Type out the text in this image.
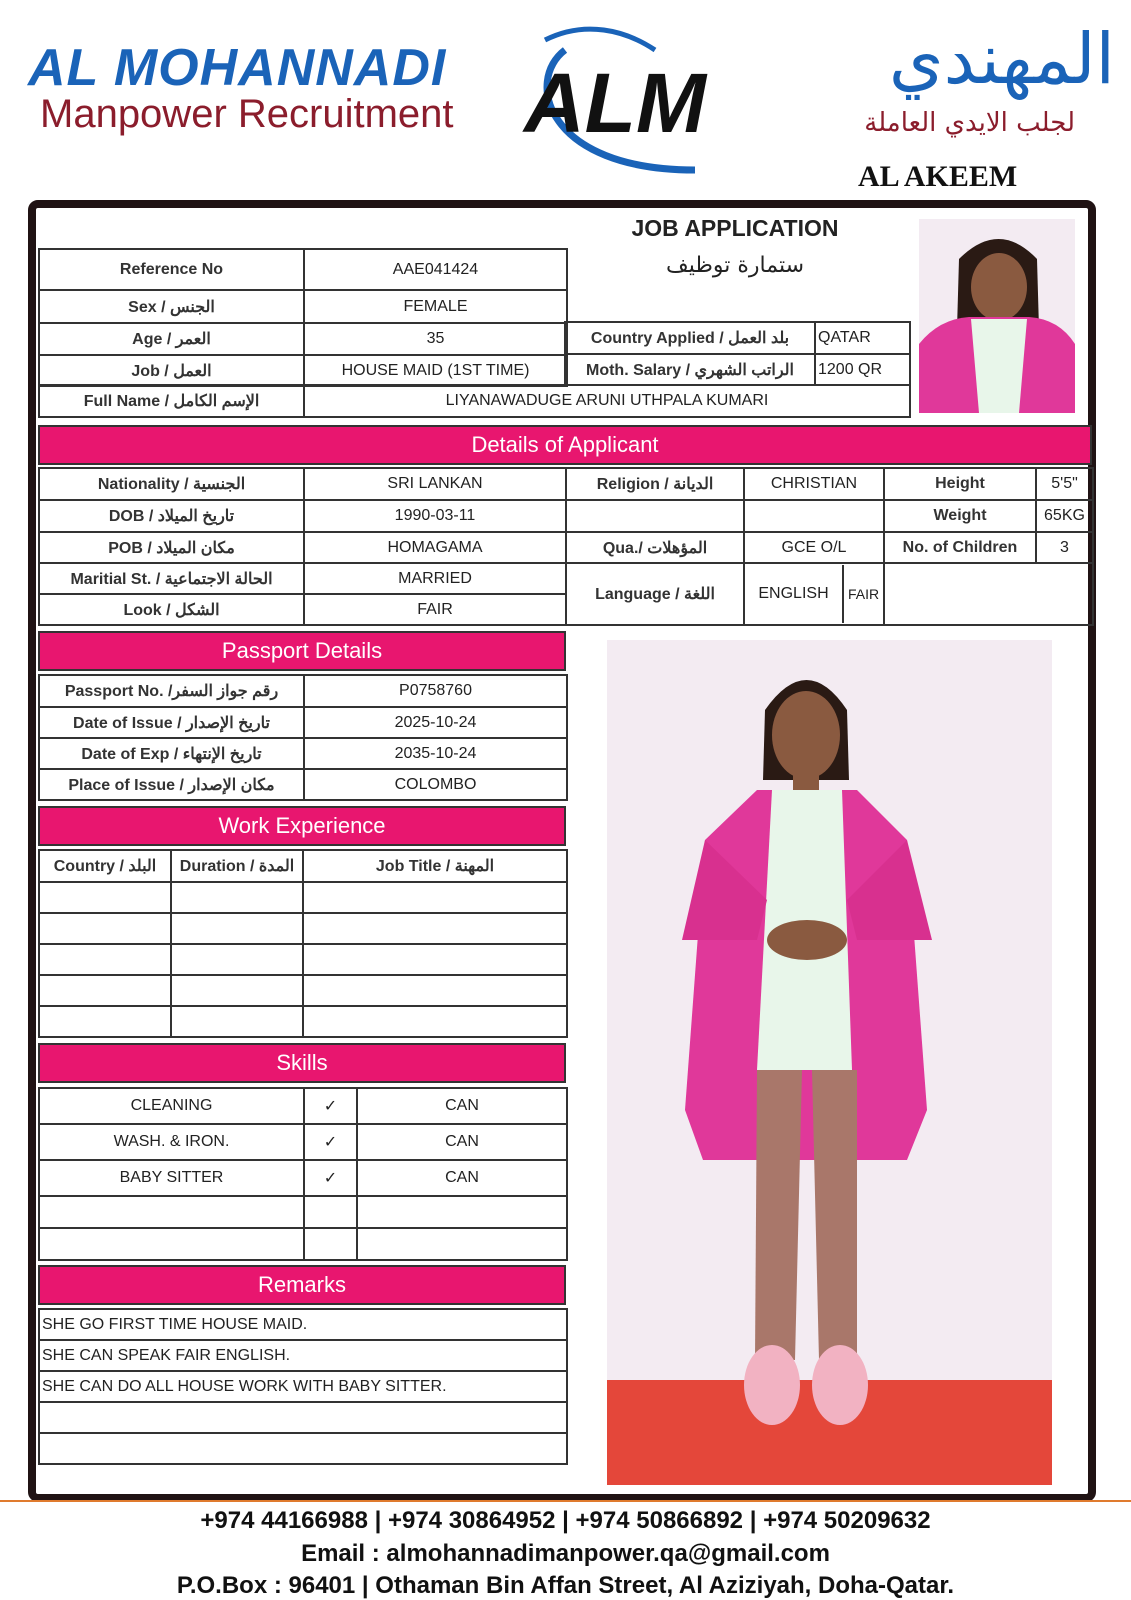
AL MOHANNADI
Manpower Recruitment ALM	المهندي
لجلب الايدي العاملة
AL AKEEM
JOB APPLICATION
ستمارة توظيف
Reference No	AAE041424
Sex / الجنس	FEMALE
Age / العمر	35
Job / العمل	HOUSE MAID (1ST TIME)
Country Applied / بلد العمل	QATAR
Moth. Salary / الراتب الشهري	1200 QR
Full Name / الإسم الكامل	LIYANAWADUGE ARUNI UTHPALA KUMARI
Details of Applicant
Nationality / الجنسية	SRI LANKAN	Religion / الديانة	CHRISTIAN	Height	5'5"
DOB / تاريخ الميلاد	1990-03-11			Weight	65KG
POB / مكان الميلاد	HOMAGAMA	Qua./ المؤهلات	GCE O/L	No. of Children	3
Maritial St. / الحالة الاجتماعية	MARRIED	Language / اللغة	ENGLISH FAIR		

Look / الشكل	FAIR				
Passport Details
Passport No. /رقم جواز السفر	P0758760
Date of Issue / تاريخ الإصدار	2025-10-24
Date of Exp / تاريخ الإنتهاء	2035-10-24
Place of Issue / مكان الإصدار	COLOMBO
Work Experience
Country / البلد	Duration / المدة	Job Title / المهنة

Skills
CLEANING	✓	CAN
WASH. & IRON.	✓	CAN
BABY SITTER	✓	CAN

Remarks
SHE GO FIRST TIME HOUSE MAID.
SHE CAN SPEAK FAIR ENGLISH.
SHE CAN DO ALL HOUSE WORK WITH BABY SITTER.

+974 44166988 | +974 30864952 | +974 50866892 | +974 50209632
Email : almohannadimanpower.qa@gmail.com
P.O.Box : 96401 | Othaman Bin Affan Street, Al Aziziyah, Doha-Qatar.
